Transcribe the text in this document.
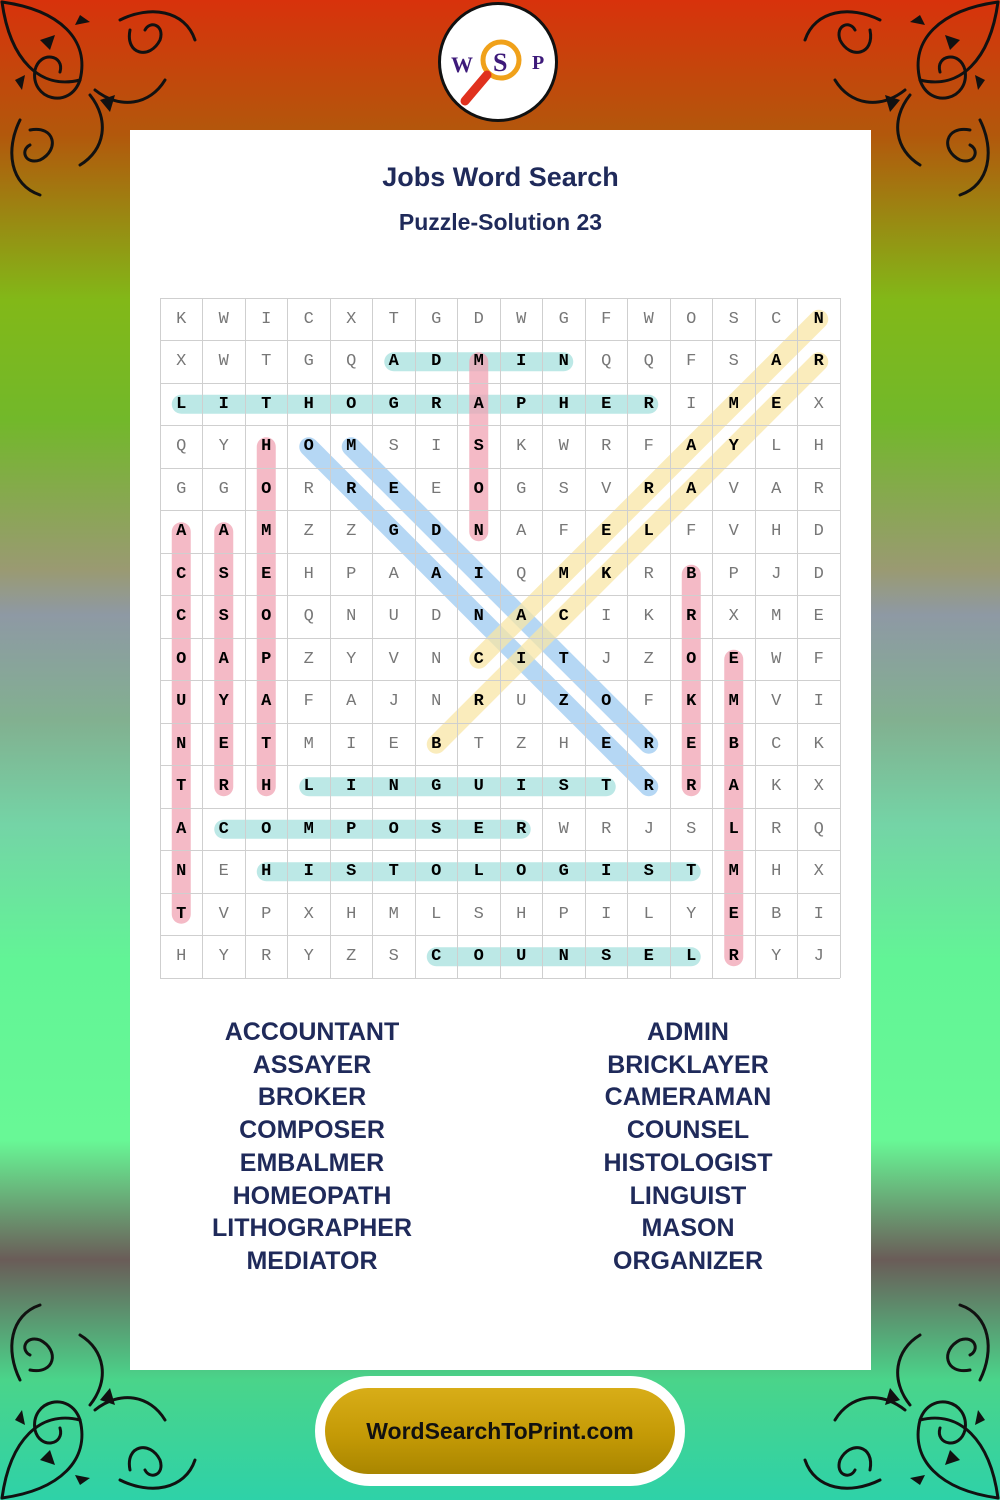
W S P
Jobs Word Search
Puzzle-Solution 23
K	W	I	C	X	T	G	D	W	G	F	W	O	S	C	N
X	W	T	G	Q	A	D	M	I	N	Q	Q	F	S	A	R
L	I	T	H	O	G	R	A	P	H	E	R	I	M	E	X
Q	Y	H	O	M	S	I	S	K	W	R	F	A	Y	L	H
G	G	O	R	R	E	E	O	G	S	V	R	A	V	A	R
A	A	M	Z	Z	G	D	N	A	F	E	L	F	V	H	D
C	S	E	H	P	A	A	I	Q	M	K	R	B	P	J	D
C	S	O	Q	N	U	D	N	A	C	I	K	R	X	M	E
O	A	P	Z	Y	V	N	C	I	T	J	Z	O	E	W	F
U	Y	A	F	A	J	N	R	U	Z	O	F	K	M	V	I
N	E	T	M	I	E	B	T	Z	H	E	R	E	B	C	K
T	R	H	L	I	N	G	U	I	S	T	R	R	A	K	X
A	C	O	M	P	O	S	E	R	W	R	J	S	L	R	Q
N	E	H	I	S	T	O	L	O	G	I	S	T	M	H	X
T	V	P	X	H	M	L	S	H	P	I	L	Y	E	B	I
H	Y	R	Y	Z	S	C	O	U	N	S	E	L	R	Y	J
ACCOUNTANT
ASSAYER
BROKER
COMPOSER
EMBALMER
HOMEOPATH
LITHOGRAPHER
MEDIATOR
ADMIN
BRICKLAYER
CAMERAMAN
COUNSEL
HISTOLOGIST
LINGUIST
MASON
ORGANIZER
WordSearchToPrint.com
